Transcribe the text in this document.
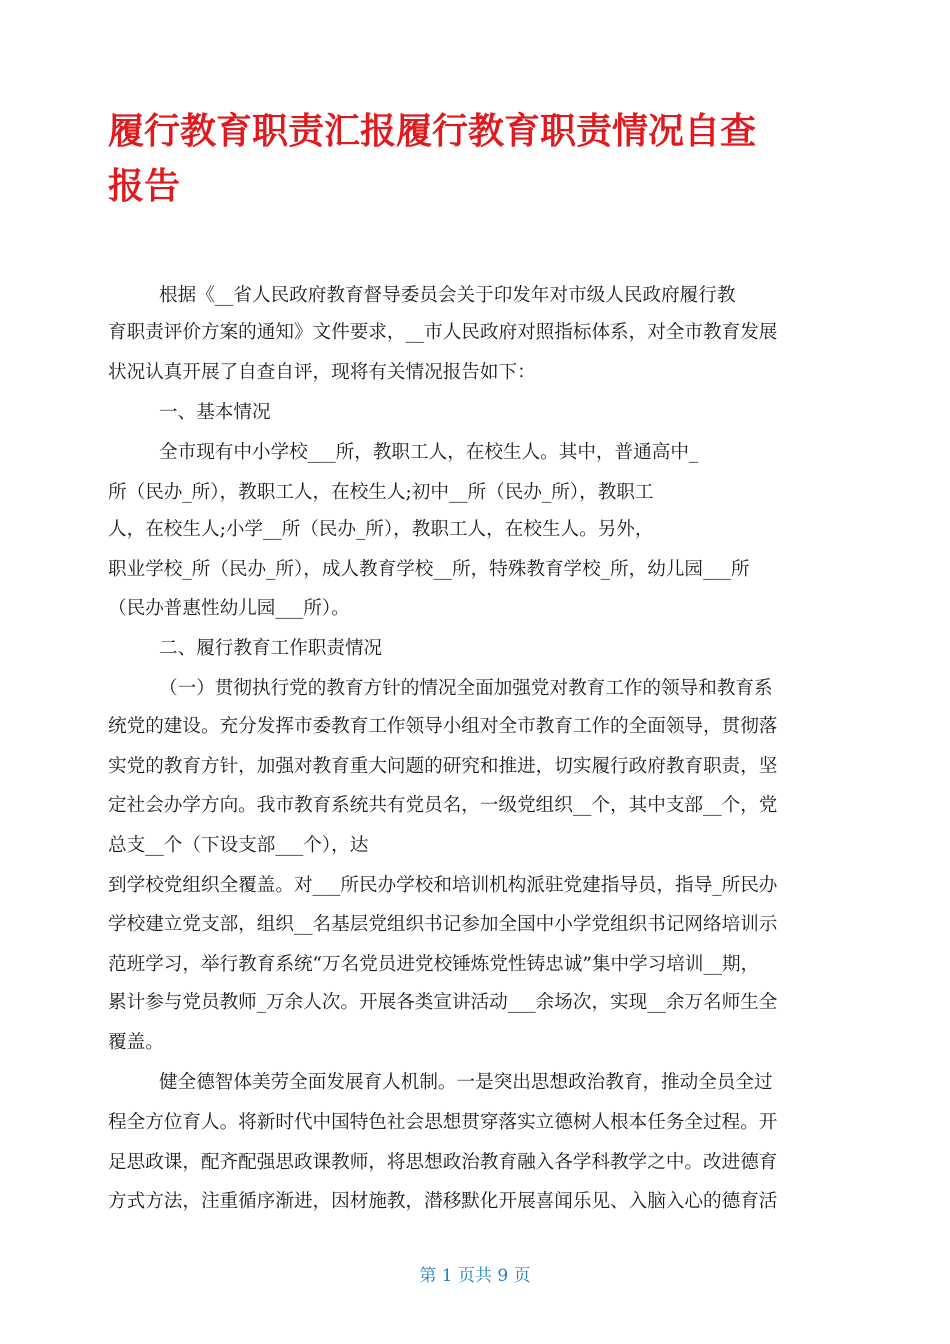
履行教育职责汇报履行教育职责情况自查
报告
根据《__省人民政府教育督导委员会关于印发年对市级人民政府履行教
育职责评价方案的通知》文件要求，__市人民政府对照指标体系，对全市教育发展
状况认真开展了自查自评，现将有关情况报告如下：
一、基本情况
全市现有中小学校___所，教职工人，在校生人。其中，普通高中_
所（民办_所），教职工人，在校生人;初中__所（民办_所），教职工
人，在校生人;小学__所（民办_所），教职工人，在校生人。另外，
职业学校_所（民办_所），成人教育学校__所，特殊教育学校_所，幼儿园___所
（民办普惠性幼儿园___所）。
二、履行教育工作职责情况
（一）贯彻执行党的教育方针的情况全面加强党对教育工作的领导和教育系
统党的建设。充分发挥市委教育工作领导小组对全市教育工作的全面领导，贯彻落
实党的教育方针，加强对教育重大问题的研究和推进，切实履行政府教育职责，坚
定社会办学方向。我市教育系统共有党员名，一级党组织__个，其中支部__个，党
总支__个（下设支部___个），达
到学校党组织全覆盖。对___所民办学校和培训机构派驻党建指导员，指导_所民办
学校建立党支部，组织__名基层党组织书记参加全国中小学党组织书记网络培训示
范班学习，举行教育系统“万名党员进党校锤炼党性铸忠诚”集中学习培训__期，
累计参与党员教师_万余人次。开展各类宣讲活动___余场次，实现__余万名师生全
覆盖。
健全德智体美劳全面发展育人机制。一是突出思想政治教育，推动全员全过
程全方位育人。将新时代中国特色社会思想贯穿落实立德树人根本任务全过程。开
足思政课，配齐配强思政课教师，将思想政治教育融入各学科教学之中。改进德育
方式方法，注重循序渐进，因材施教，潜移默化开展喜闻乐见、入脑入心的德育活
第 1 页共 9 页
